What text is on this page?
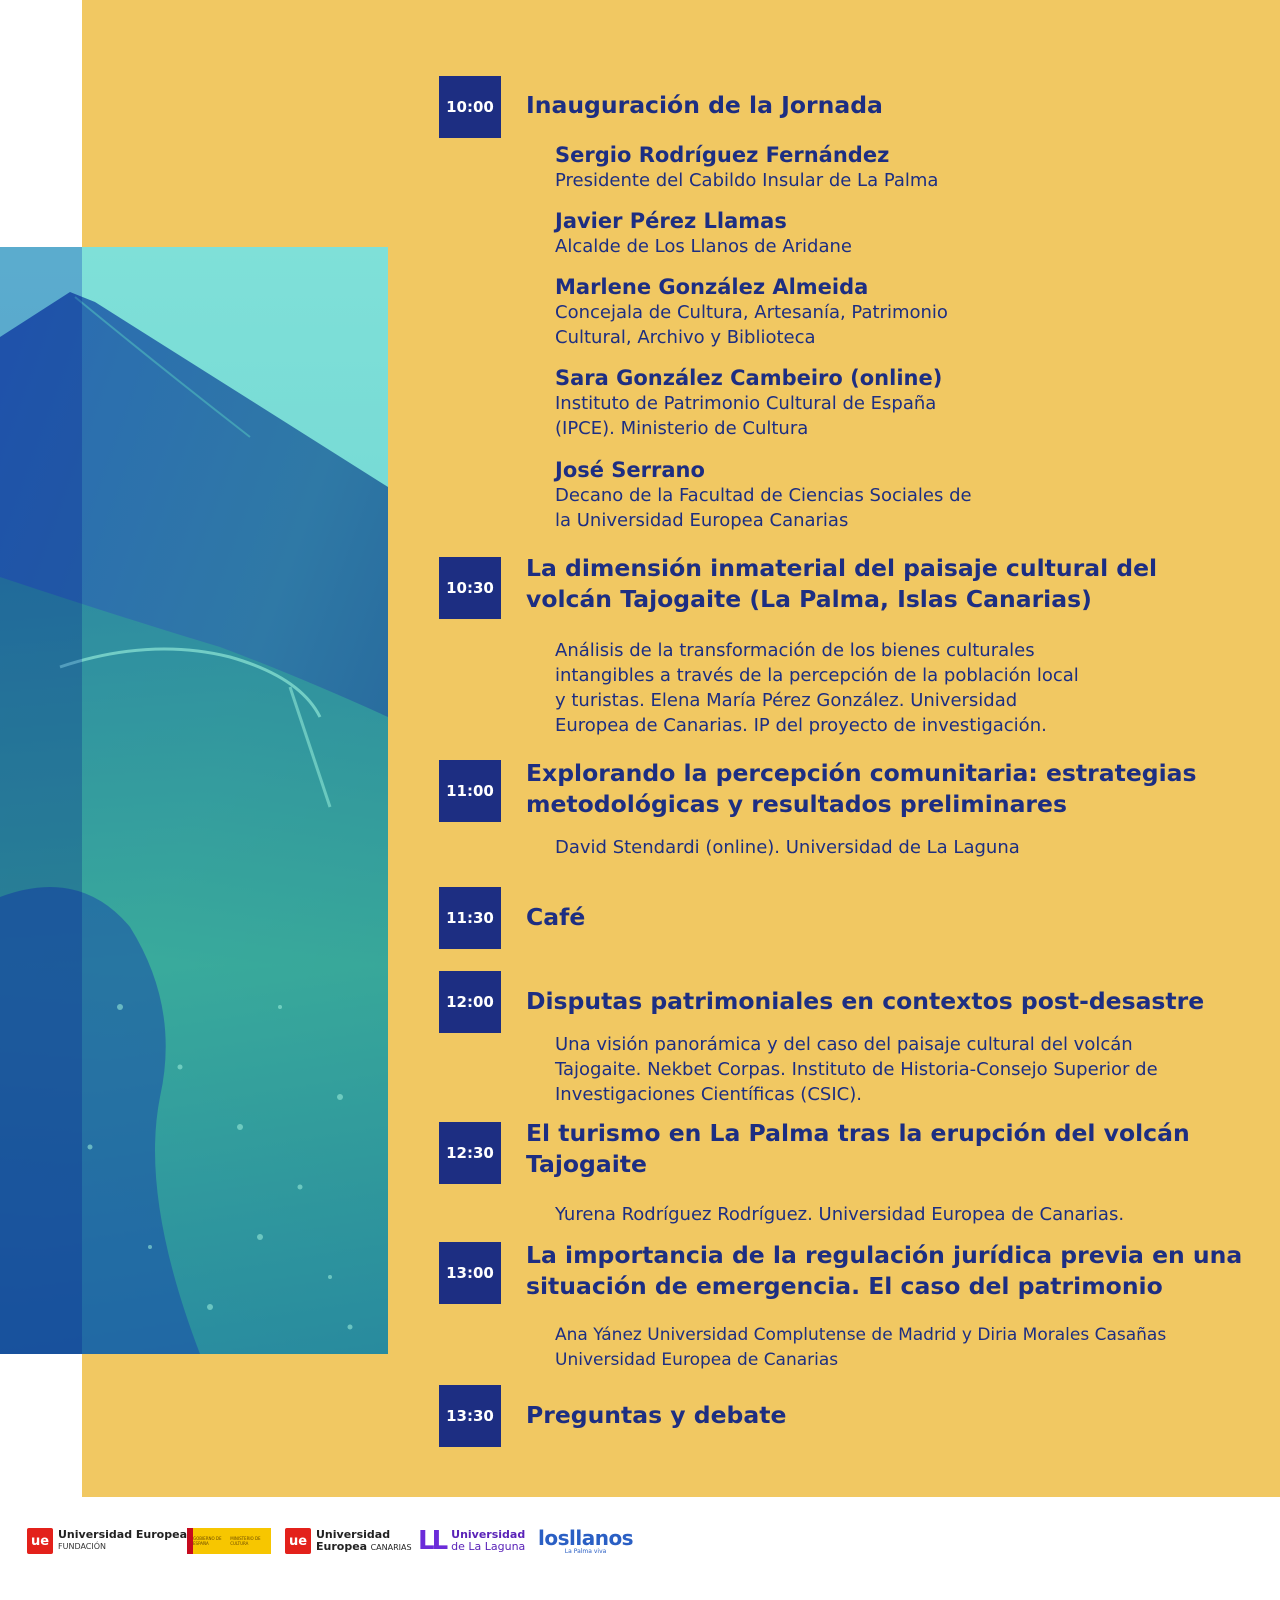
10:00	Inauguración de la Jornada
Sergio Rodríguez Fernández
Presidente del Cabildo Insular de La Palma
Javier Pérez Llamas
Alcalde de Los Llanos de Aridane
Marlene González Almeida
Concejala de Cultura, Artesanía, Patrimonio
Cultural, Archivo y Biblioteca
Sara González Cambeiro (online)
Instituto de Patrimonio Cultural de España
(IPCE). Ministerio de Cultura
José Serrano
Decano de la Facultad de Ciencias Sociales de
la Universidad Europea Canarias
10:30
La dimensión inmaterial del paisaje cultural del
volcán Tajogaite (La Palma, Islas Canarias)
Análisis de la transformación de los bienes culturales
intangibles a través de la percepción de la población local
y turistas. Elena María Pérez González. Universidad
Europea de Canarias. IP del proyecto de investigación.
11:00
Explorando la percepción comunitaria: estrategias
metodológicas y resultados preliminares
David Stendardi (online). Universidad de La Laguna
11:30	Café
12:00	Disputas patrimoniales en contextos post-desastre
Una visión panorámica y del caso del paisaje cultural del volcán
Tajogaite. Nekbet Corpas. Instituto de Historia-Consejo Superior de
Investigaciones Científicas (CSIC).
12:30
El turismo en La Palma tras la erupción del volcán
Tajogaite
Yurena Rodríguez Rodríguez. Universidad Europea de Canarias.
13:00
La importancia de la regulación jurídica previa en una
situación de emergencia. El caso del patrimonio
Ana Yánez Universidad Complutense de Madrid y Diria Morales Casañas
Universidad Europea de Canarias
13:30	Preguntas y debate
ue Universidad Europea
FUNDACIÓN
GOBIERNO DE ESPAÑA
MINISTERIO DE CULTURA	ue Universidad
Europea CANARIAS LL Universidad
de La Laguna losllanos
La Palma viva
